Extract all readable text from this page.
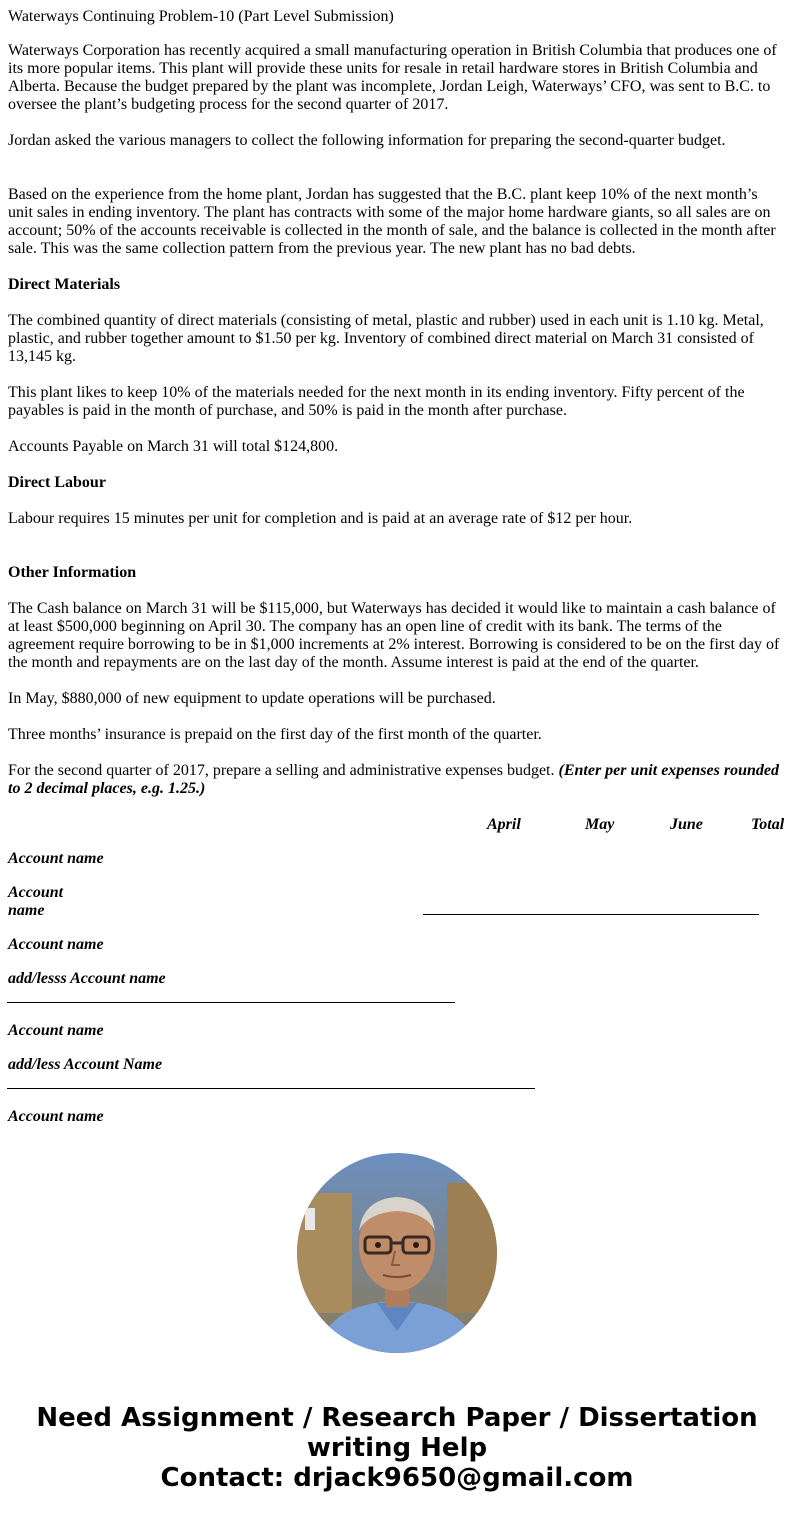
Waterways Continuing Problem-10 (Part Level Submission)
Waterways Corporation has recently acquired a small manufacturing operation in British Columbia that produces one of its more popular items. This plant will provide these units for resale in retail hardware stores in British Columbia and Alberta. Because the budget prepared by the plant was incomplete, Jordan Leigh, Waterways’ CFO, was sent to B.C. to oversee the plant’s budgeting process for the second quarter of 2017.
Jordan asked the various managers to collect the following information for preparing the second-quarter budget.
Based on the experience from the home plant, Jordan has suggested that the B.C. plant keep 10% of the next month’s unit sales in ending inventory. The plant has contracts with some of the major home hardware giants, so all sales are on account; 50% of the accounts receivable is collected in the month of sale, and the balance is collected in the month after sale. This was the same collection pattern from the previous year. The new plant has no bad debts.
Direct Materials
The combined quantity of direct materials (consisting of metal, plastic and rubber) used in each unit is 1.10 kg. Metal, plastic, and rubber together amount to $1.50 per kg. Inventory of combined direct material on March 31 consisted of 13,145 kg.
This plant likes to keep 10% of the materials needed for the next month in its ending inventory. Fifty percent of the payables is paid in the month of purchase, and 50% is paid in the month after purchase.
Accounts Payable on March 31 will total $124,800.
Direct Labour
Labour requires 15 minutes per unit for completion and is paid at an average rate of $12 per hour.
Other Information
The Cash balance on March 31 will be $115,000, but Waterways has decided it would like to maintain a cash balance of at least $500,000 beginning on April 30. The company has an open line of credit with its bank. The terms of the agreement require borrowing to be in $1,000 increments at 2% interest. Borrowing is considered to be on the first day of the month and repayments are on the last day of the month. Assume interest is paid at the end of the quarter.
In May, $880,000 of new equipment to update operations will be purchased.
Three months’ insurance is prepaid on the first day of the first month of the quarter.
For the second quarter of 2017, prepare a selling and administrative expenses budget. (Enter per unit expenses rounded to 2 decimal places, e.g. 1.25.)
April	May	June	Total
Account name
Account name
Account name
add/lesss Account name
Account name
add/less Account Name
Account name
Need Assignment / Research Paper / Dissertation
writing Help
Contact: drjack9650@gmail.com
